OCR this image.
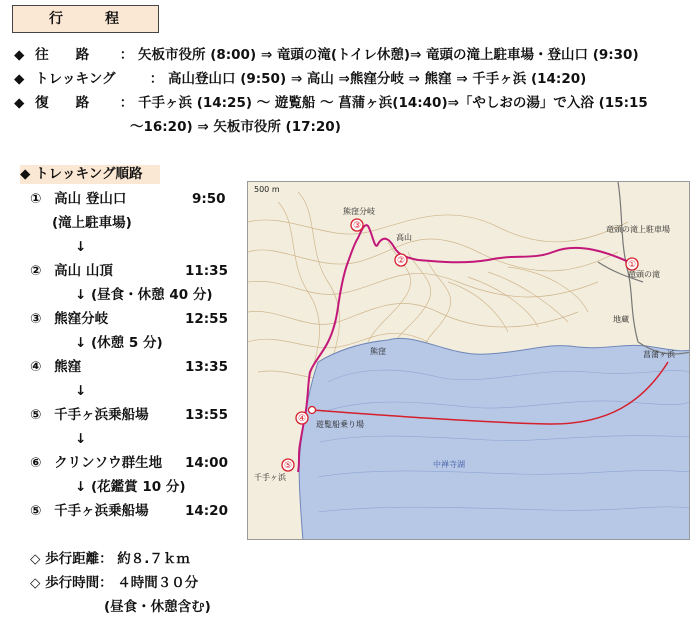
行	程
◆ 往　　路 ： 矢板市役所 (8:00) ⇒ 竜頭の滝(トイレ休憩)⇒ 竜頭の滝上駐車場・登山口 (9:30)
◆ トレッキング	： 高山登山口 (9:50) ⇒ 高山 ⇒熊窪分岐 ⇒ 熊窪 ⇒ 千手ヶ浜 (14:20)
◆ 復　　路 ： 千手ヶ浜 (14:25) ～ 遊覧船 ～ 菖蒲ヶ浜(14:40)⇒「やしおの湯」で入浴 (15:15
～16:20) ⇒ 矢板市役所 (17:20)
◆ トレッキング順路
① 高山 登山口	9:50
(滝上駐車場)
↓
② 高山 山頂	11:35
↓ (昼食・休憩 40 分)
③ 熊窪分岐	12:55
↓ (休憩 5 分)
④ 熊窪	13:35
↓
⑤ 千手ヶ浜乗船場	13:55
↓
⑥ クリンソウ群生地 14:00
↓ (花鑑賞 10 分)
⑤ 千手ヶ浜乗船場	14:20
◇ 歩行距離： 約８.７ｋｍ
◇ 歩行時間： ４時間３０分
(昼食・休憩含む)
①
②
③
④
⑤
500 m
熊窪分岐
高山
熊窪
竜頭の滝上駐車場
竜頭の滝
遊覧船乗り場
千手ヶ浜
中禅寺湖
地蔵
菖蒲ヶ浜
